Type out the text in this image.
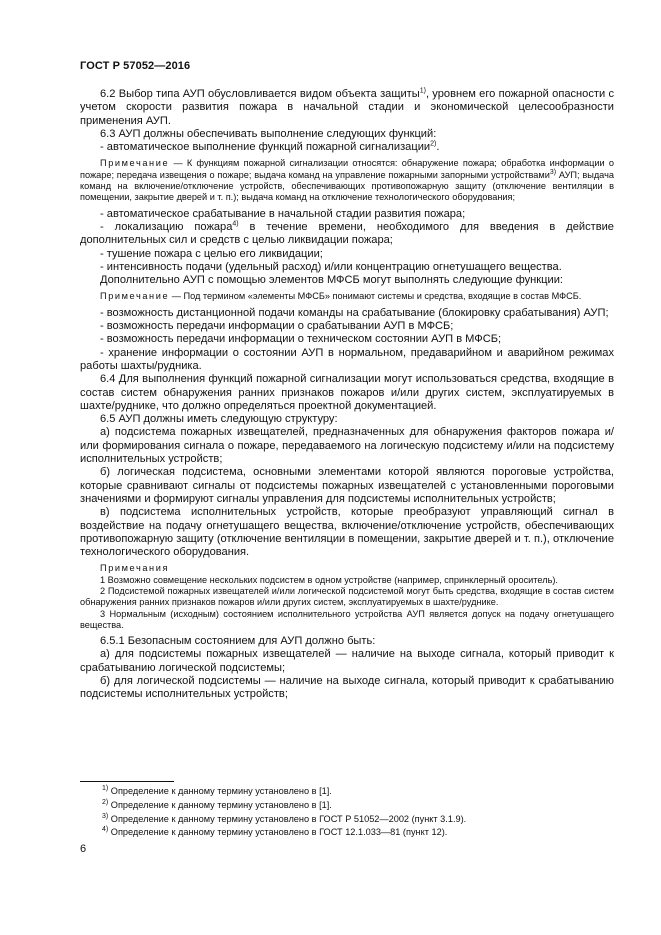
ГОСТ Р 57052—2016

6.2 Выбор типа АУП обусловливается видом объекта защиты$^{1)}$, уровнем его пожарной опасности с учетом скорости развития пожара в начальной стадии и экономической целесообразности применения АУП.

6.3 АУП должны обеспечивать выполнение следующих функций:

- автоматическое выполнение функций пожарной сигнализации$^{2)}$.

Примечание — К функциям пожарной сигнализации относятся: обнаружение пожара; обработка информации о пожаре; передача извещения о пожаре; выдача команд на управление пожарными запорными устройствами$^{3)}$ АУП; выдача команд на включение/отключение устройств, обеспечивающих противопожарную защиту (отключение вентиляции в помещении, закрытие дверей и т. п.); выдача команд на отключение технологического оборудования;

- автоматическое срабатывание в начальной стадии развития пожара;

- локализацию пожара$^{4)}$ в течение времени, необходимого для введения в действие дополнительных сил и средств с целью ликвидации пожара;

- тушение пожара с целью его ликвидации;

- интенсивность подачи (удельный расход) и/или концентрацию огнетушащего вещества.

Дополнительно АУП с помощью элементов МФСБ могут выполнять следующие функции:

Примечание — Под термином «элементы МФСБ» понимают системы и средства, входящие в состав МФСБ.

- возможность дистанционной подачи команды на срабатывание (блокировку срабатывания) АУП;

- возможность передачи информации о срабатывании АУП в МФСБ;

- возможность передачи информации о техническом состоянии АУП в МФСБ;

- хранение информации о состоянии АУП в нормальном, предаварийном и аварийном режимах работы шахты/рудника.

6.4 Для выполнения функций пожарной сигнализации могут использоваться средства, входящие в состав систем обнаружения ранних признаков пожаров и/или других систем, эксплуатируемых в шахте/руднике, что должно определяться проектной документацией.

6.5 АУП должны иметь следующую структуру:

а) подсистема пожарных извещателей, предназначенных для обнаружения факторов пожара и/или формирования сигнала о пожаре, передаваемого на логическую подсистему и/или на подсистему исполнительных устройств;

б) логическая подсистема, основными элементами которой являются пороговые устройства, которые сравнивают сигналы от подсистемы пожарных извещателей с установленными пороговыми значениями и формируют сигналы управления для подсистемы исполнительных устройств;

в) подсистема исполнительных устройств, которые преобразуют управляющий сигнал в воздействие на подачу огнетушащего вещества, включение/отключение устройств, обеспечивающих противопожарную защиту (отключение вентиляции в помещении, закрытие дверей и т. п.), отключение технологического оборудования.

Примечания

1 Возможно совмещение нескольких подсистем в одном устройстве (например, спринклерный ороситель).

2 Подсистемой пожарных извещателей и/или логической подсистемой могут быть средства, входящие в состав систем обнаружения ранних признаков пожаров и/или других систем, эксплуатируемых в шахте/руднике.

3 Нормальным (исходным) состоянием исполнительного устройства АУП является допуск на подачу огнетушащего вещества.

6.5.1 Безопасным состоянием для АУП должно быть:

а) для подсистемы пожарных извещателей — наличие на выходе сигнала, который приводит к срабатыванию логической подсистемы;

б) для логической подсистемы — наличие на выходе сигнала, который приводит к срабатыванию подсистемы исполнительных устройств;

$^{1)}$ Определение к данному термину установлено в [1].
$^{2)}$ Определение к данному термину установлено в [1].
$^{3)}$ Определение к данному термину установлено в ГОСТ Р 51052—2002 (пункт 3.1.9).
$^{4)}$ Определение к данному термину установлено в ГОСТ 12.1.033—81 (пункт 12).
6
